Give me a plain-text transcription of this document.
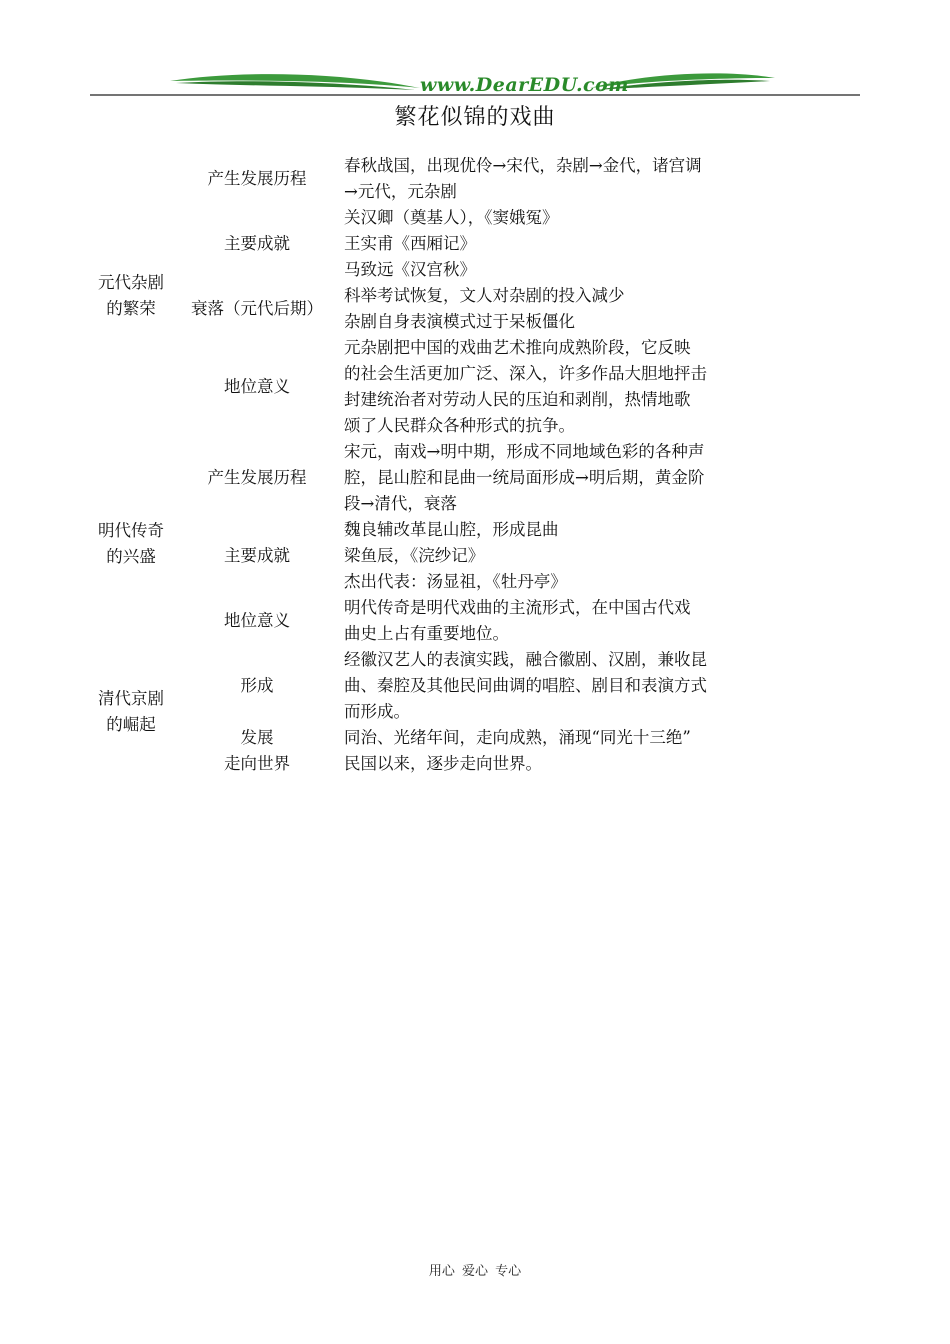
www.DearEDU.com
繁花似锦的戏曲
元代杂剧
的繁荣
产生发展历程
春秋战国，出现优伶→宋代，杂剧→金代，诸宫调
→元代，元杂剧
主要成就
关汉卿（奠基人），《窦娥冤》
王实甫《西厢记》
马致远《汉宫秋》
衰落（元代后期）
科举考试恢复，文人对杂剧的投入减少
杂剧自身表演模式过于呆板僵化
地位意义
元杂剧把中国的戏曲艺术推向成熟阶段，它反映
的社会生活更加广泛、深入，许多作品大胆地抨击
封建统治者对劳动人民的压迫和剥削，热情地歌
颂了人民群众各种形式的抗争。
明代传奇
的兴盛
产生发展历程
宋元，南戏→明中期，形成不同地域色彩的各种声
腔，昆山腔和昆曲一统局面形成→明后期，黄金阶
段→清代，衰落
主要成就
魏良辅改革昆山腔，形成昆曲
梁鱼辰，《浣纱记》
杰出代表：汤显祖，《牡丹亭》
地位意义
明代传奇是明代戏曲的主流形式，在中国古代戏
曲史上占有重要地位。
清代京剧
的崛起
形成
经徽汉艺人的表演实践，融合徽剧、汉剧，兼收昆
曲、秦腔及其他民间曲调的唱腔、剧目和表演方式
而形成。
发展	同治、光绪年间，走向成熟，涌现“同光十三绝”
走向世界	民国以来，逐步走向世界。
用心 爱心 专心
